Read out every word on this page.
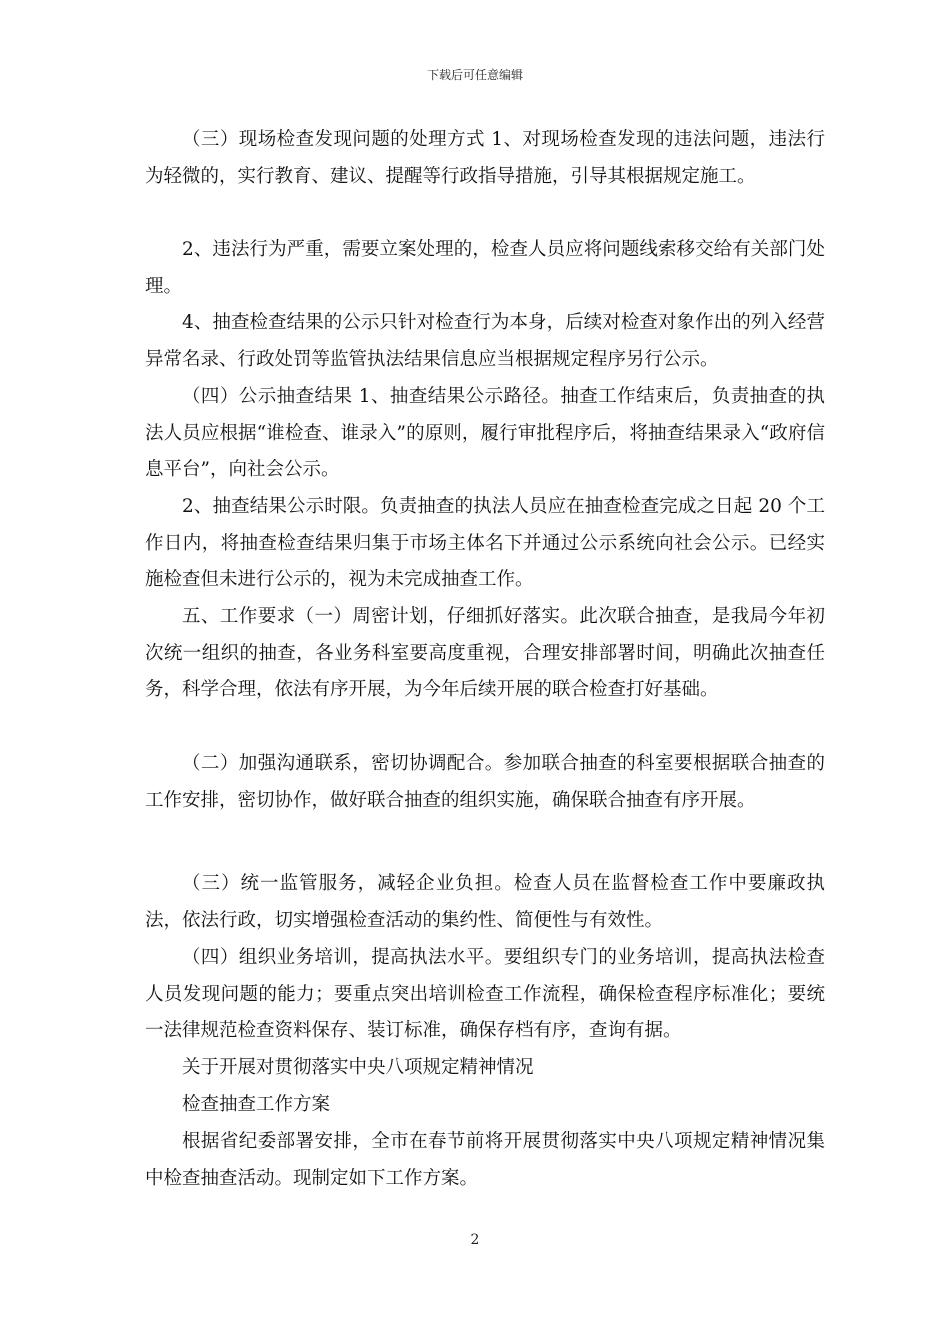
下载后可任意编辑

（三）现场检查发现问题的处理方式 1、对现场检查发现的违法问题，违法行为轻微的，实行教育、建议、提醒等行政指导措施，引导其根据规定施工。

2、违法行为严重，需要立案处理的，检查人员应将问题线索移交给有关部门处理。

4、抽查检查结果的公示只针对检查行为本身，后续对检查对象作出的列入经营异常名录、行政处罚等监管执法结果信息应当根据规定程序另行公示。

（四）公示抽查结果 1、抽查结果公示路径。抽查工作结束后，负责抽查的执法人员应根据“谁检查、谁录入”的原则，履行审批程序后，将抽查结果录入“政府信息平台”，向社会公示。

2、抽查结果公示时限。负责抽查的执法人员应在抽查检查完成之日起 20 个工作日内，将抽查检查结果归集于市场主体名下并通过公示系统向社会公示。已经实施检查但未进行公示的，视为未完成抽查工作。

五、工作要求（一）周密计划，仔细抓好落实。此次联合抽查，是我局今年初次统一组织的抽查，各业务科室要高度重视，合理安排部署时间，明确此次抽查任务，科学合理，依法有序开展，为今年后续开展的联合检查打好基础。

（二）加强沟通联系，密切协调配合。参加联合抽查的科室要根据联合抽查的工作安排，密切协作，做好联合抽查的组织实施，确保联合抽查有序开展。

（三）统一监管服务，减轻企业负担。检查人员在监督检查工作中要廉政执法，依法行政，切实增强检查活动的集约性、简便性与有效性。

（四）组织业务培训，提高执法水平。要组织专门的业务培训，提高执法检查人员发现问题的能力；要重点突出培训检查工作流程，确保检查程序标准化；要统一法律规范检查资料保存、装订标准，确保存档有序，查询有据。

关于开展对贯彻落实中央八项规定精神情况

检查抽查工作方案

根据省纪委部署安排，全市在春节前将开展贯彻落实中央八项规定精神情况集中检查抽查活动。现制定如下工作方案。

2
